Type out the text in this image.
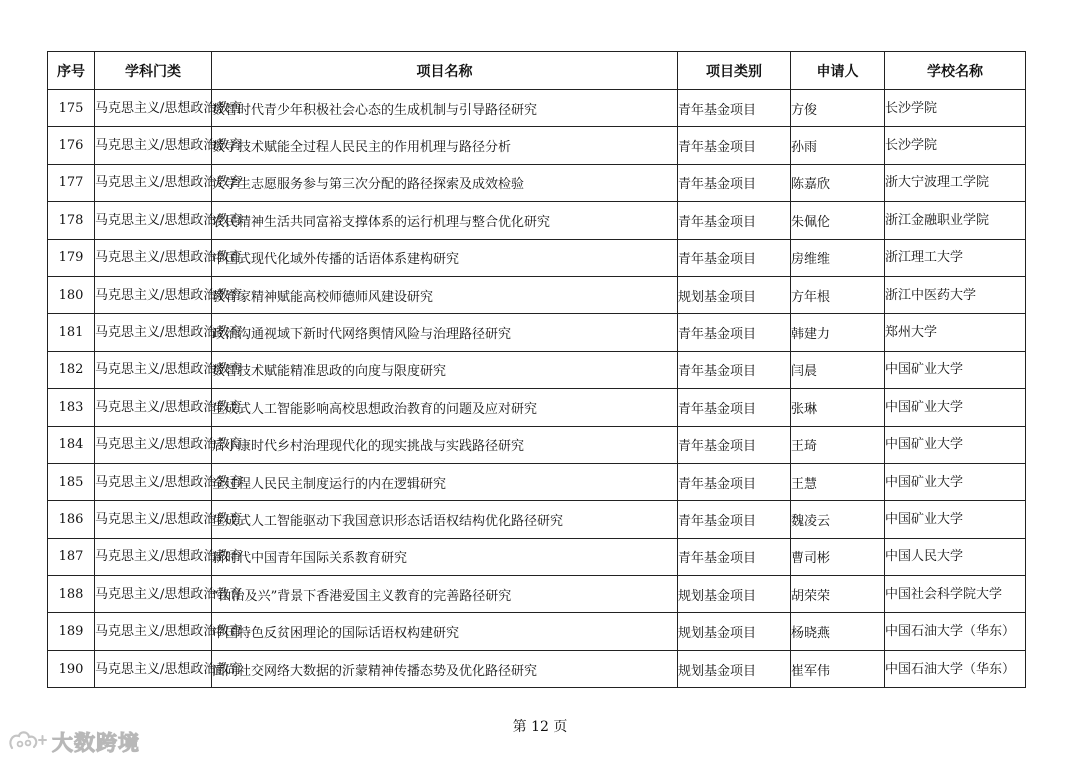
序号	学科门类	项目名称	项目类别	申请人	学校名称
175	马克思主义/思想政治教育	数智时代青少年积极社会心态的生成机制与引导路径研究	青年基金项目	方俊	长沙学院
176	马克思主义/思想政治教育	数字技术赋能全过程人民民主的作用机理与路径分析	青年基金项目	孙雨	长沙学院
177	马克思主义/思想政治教育	大学生志愿服务参与第三次分配的路径探索及成效检验	青年基金项目	陈嘉欣	浙大宁波理工学院
178	马克思主义/思想政治教育	农民精神生活共同富裕支撑体系的运行机理与整合优化研究	青年基金项目	朱佩伦	浙江金融职业学院
179	马克思主义/思想政治教育	中国式现代化域外传播的话语体系建构研究	青年基金项目	房维维	浙江理工大学
180	马克思主义/思想政治教育	教育家精神赋能高校师德师风建设研究	规划基金项目	方年根	浙江中医药大学
181	马克思主义/思想政治教育	政治沟通视域下新时代网络舆情风险与治理路径研究	青年基金项目	韩建力	郑州大学
182	马克思主义/思想政治教育	数智技术赋能精准思政的向度与限度研究	青年基金项目	闫晨	中国矿业大学
183	马克思主义/思想政治教育	生成式人工智能影响高校思想政治教育的问题及应对研究	青年基金项目	张琳	中国矿业大学
184	马克思主义/思想政治教育	后小康时代乡村治理现代化的现实挑战与实践路径研究	青年基金项目	王琦	中国矿业大学
185	马克思主义/思想政治教育	全过程人民民主制度运行的内在逻辑研究	青年基金项目	王慧	中国矿业大学
186	马克思主义/思想政治教育	生成式人工智能驱动下我国意识形态话语权结构优化路径研究	青年基金项目	魏凌云	中国矿业大学
187	马克思主义/思想政治教育	新时代中国青年国际关系教育研究	青年基金项目	曹司彬	中国人民大学
188	马克思主义/思想政治教育	“由治及兴”背景下香港爱国主义教育的完善路径研究	规划基金项目	胡荣荣	中国社会科学院大学
189	马克思主义/思想政治教育	中国特色反贫困理论的国际话语权构建研究	规划基金项目	杨晓燕	中国石油大学（华东）
190	马克思主义/思想政治教育	面向社交网络大数据的沂蒙精神传播态势及优化路径研究	规划基金项目	崔军伟	中国石油大学（华东）
第 12 页
大数跨境
